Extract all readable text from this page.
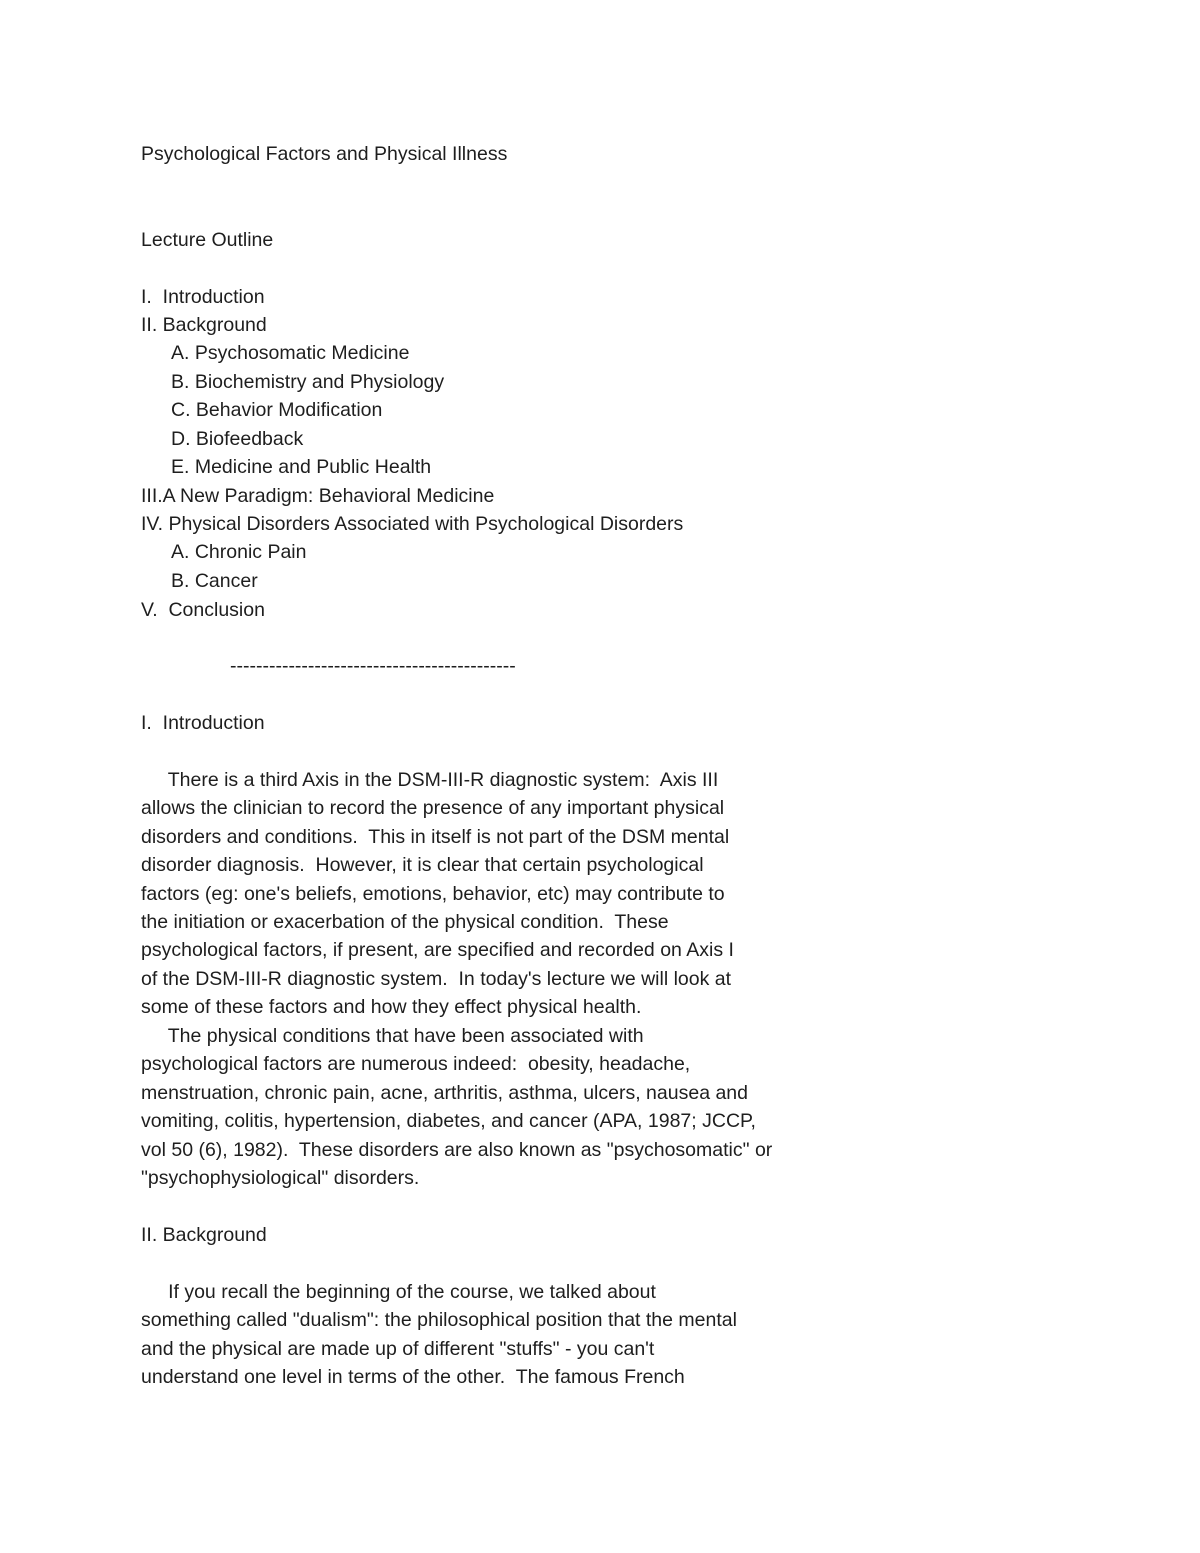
Psychological Factors and Physical Illness
Lecture Outline
I.  Introduction
II. Background
A. Psychosomatic Medicine
B. Biochemistry and Physiology
C. Behavior Modification
D. Biofeedback
E. Medicine and Public Health
III.A New Paradigm: Behavioral Medicine
IV. Physical Disorders Associated with Psychological Disorders
A. Chronic Pain
B. Cancer
V.  Conclusion
--------------------------------------------
I.  Introduction
There is a third Axis in the DSM-III-R diagnostic system:  Axis III
allows the clinician to record the presence of any important physical
disorders and conditions.  This in itself is not part of the DSM mental
disorder diagnosis.  However, it is clear that certain psychological
factors (eg: one's beliefs, emotions, behavior, etc) may contribute to
the initiation or exacerbation of the physical condition.  These
psychological factors, if present, are specified and recorded on Axis I
of the DSM-III-R diagnostic system.  In today's lecture we will look at
some of these factors and how they effect physical health.
The physical conditions that have been associated with
psychological factors are numerous indeed:  obesity, headache,
menstruation, chronic pain, acne, arthritis, asthma, ulcers, nausea and
vomiting, colitis, hypertension, diabetes, and cancer (APA, 1987; JCCP,
vol 50 (6), 1982).  These disorders are also known as "psychosomatic" or
"psychophysiological" disorders.
II. Background
If you recall the beginning of the course, we talked about
something called "dualism": the philosophical position that the mental
and the physical are made up of different "stuffs" - you can't
understand one level in terms of the other.  The famous French
